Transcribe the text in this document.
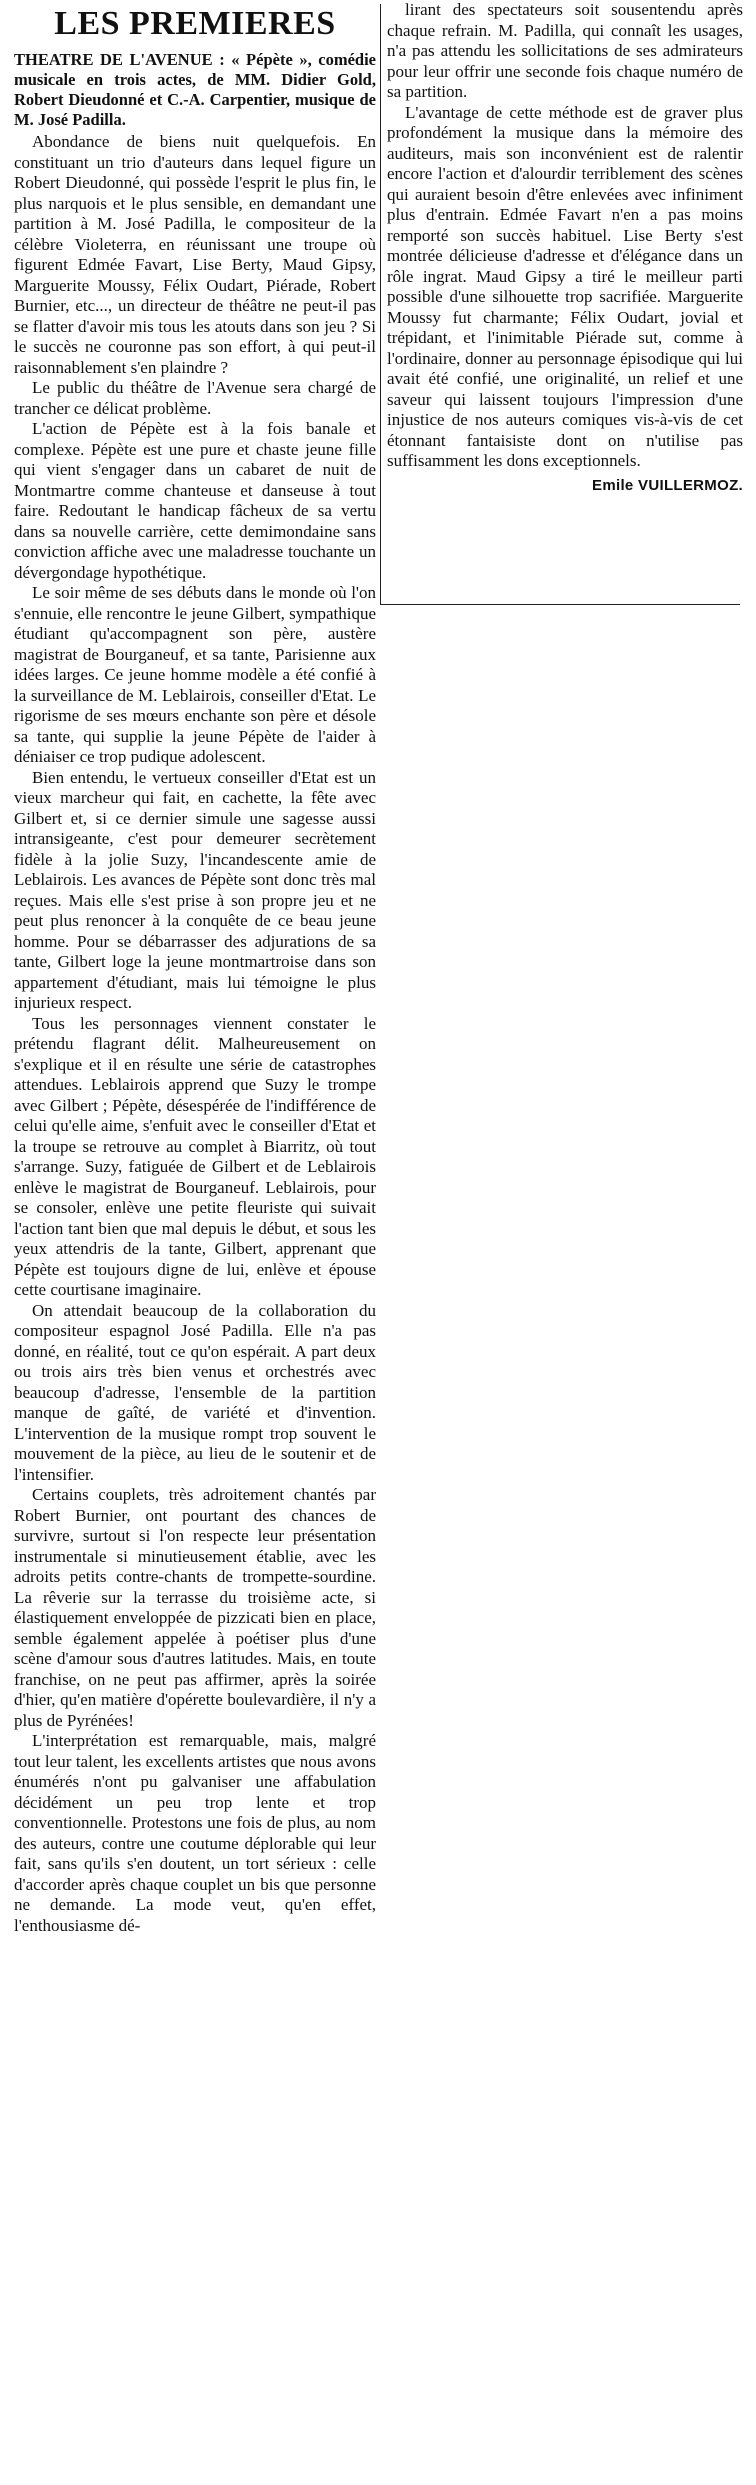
LES PREMIERES
THEATRE DE L'AVENUE : « Pépète », comédie musicale en trois actes, de MM. Didier Gold, Robert Dieudonné et C.-A. Carpentier, musique de M. José Padilla.

Abondance de biens nuit quelquefois. En constituant un trio d'auteurs dans lequel figure un Robert Dieudonné, qui possède l'esprit le plus fin, le plus narquois et le plus sensible, en demandant une partition à M. José Padilla, le compositeur de la célèbre Violeterra, en réunissant une troupe où figurent Edmée Favart, Lise Berty, Maud Gipsy, Marguerite Moussy, Félix Oudart, Piérade, Robert Burnier, etc..., un directeur de théâtre ne peut-il pas se flatter d'avoir mis tous les atouts dans son jeu ? Si le succès ne couronne pas son effort, à qui peut-il raisonnablement s'en plaindre ?

Le public du théâtre de l'Avenue sera chargé de trancher ce délicat problème.

L'action de Pépète est à la fois banale et complexe. Pépète est une pure et chaste jeune fille qui vient s'engager dans un cabaret de nuit de Montmartre comme chanteuse et danseuse à tout faire. Redoutant le handicap fâcheux de sa vertu dans sa nouvelle carrière, cette demimondaine sans conviction affiche avec une maladresse touchante un dévergondage hypothétique.

Le soir même de ses débuts dans le monde où l'on s'ennuie, elle rencontre le jeune Gilbert, sympathique étudiant qu'accompagnent son père, austère magistrat de Bourganeuf, et sa tante, Parisienne aux idées larges. Ce jeune homme modèle a été confié à la surveillance de M. Leblairois, conseiller d'Etat. Le rigorisme de ses mœurs enchante son père et désole sa tante, qui supplie la jeune Pépète de l'aider à déniaiser ce trop pudique adolescent.

Bien entendu, le vertueux conseiller d'Etat est un vieux marcheur qui fait, en cachette, la fête avec Gilbert et, si ce dernier simule une sagesse aussi intransigeante, c'est pour demeurer secrètement fidèle à la jolie Suzy, l'incandescente amie de Leblairois. Les avances de Pépète sont donc très mal reçues. Mais elle s'est prise à son propre jeu et ne peut plus renoncer à la conquête de ce beau jeune homme. Pour se débarrasser des adjurations de sa tante, Gilbert loge la jeune montmartroise dans son appartement d'étudiant, mais lui témoigne le plus injurieux respect.

Tous les personnages viennent constater le prétendu flagrant délit. Malheureusement on s'explique et il en résulte une série de catastrophes attendues. Leblairois apprend que Suzy le trompe avec Gilbert ; Pépète, désespérée de l'indifférence de celui qu'elle aime, s'enfuit avec le conseiller d'Etat et la troupe se retrouve au complet à Biarritz, où tout s'arrange. Suzy, fatiguée de Gilbert et de Leblairois enlève le magistrat de Bourganeuf. Leblairois, pour se consoler, enlève une petite fleuriste qui suivait l'action tant bien que mal depuis le début, et sous les yeux attendris de la tante, Gilbert, apprenant que Pépète est toujours digne de lui, enlève et épouse cette courtisane imaginaire.

On attendait beaucoup de la collaboration du compositeur espagnol José Padilla. Elle n'a pas donné, en réalité, tout ce qu'on espérait. A part deux ou trois airs très bien venus et orchestrés avec beaucoup d'adresse, l'ensemble de la partition manque de gaîté, de variété et d'invention. L'intervention de la musique rompt trop souvent le mouvement de la pièce, au lieu de le soutenir et de l'intensifier.

Certains couplets, très adroitement chantés par Robert Burnier, ont pourtant des chances de survivre, surtout si l'on respecte leur présentation instrumentale si minutieusement établie, avec les adroits petits contre-chants de trompette-sourdine. La rêverie sur la terrasse du troisième acte, si élastiquement enveloppée de pizzicati bien en place, semble également appelée à poétiser plus d'une scène d'amour sous d'autres latitudes. Mais, en toute franchise, on ne peut pas affirmer, après la soirée d'hier, qu'en matière d'opérette boulevardière, il n'y a plus de Pyrénées!

L'interprétation est remarquable, mais, malgré tout leur talent, les excellents artistes que nous avons énumérés n'ont pu galvaniser une affabulation décidément un peu trop lente et trop conventionnelle. Protestons une fois de plus, au nom des auteurs, contre une coutume déplorable qui leur fait, sans qu'ils s'en doutent, un tort sérieux : celle d'accorder après chaque couplet un bis que personne ne demande. La mode veut, qu'en effet, l'enthousiasme dé-

lirant des spectateurs soit sousentendu après chaque refrain. M. Padilla, qui connaît les usages, n'a pas attendu les sollicitations de ses admirateurs pour leur offrir une seconde fois chaque numéro de sa partition.

L'avantage de cette méthode est de graver plus profondément la musique dans la mémoire des auditeurs, mais son inconvénient est de ralentir encore l'action et d'alourdir terriblement des scènes qui auraient besoin d'être enlevées avec infiniment plus d'entrain. Edmée Favart n'en a pas moins remporté son succès habituel. Lise Berty s'est montrée délicieuse d'adresse et d'élégance dans un rôle ingrat. Maud Gipsy a tiré le meilleur parti possible d'une silhouette trop sacrifiée. Marguerite Moussy fut charmante; Félix Oudart, jovial et trépidant, et l'inimitable Piérade sut, comme à l'ordinaire, donner au personnage épisodique qui lui avait été confié, une originalité, un relief et une saveur qui laissent toujours l'impression d'une injustice de nos auteurs comiques vis-à-vis de cet étonnant fantaisiste dont on n'utilise pas suffisamment les dons exceptionnels.

Emile VUILLERMOZ.
